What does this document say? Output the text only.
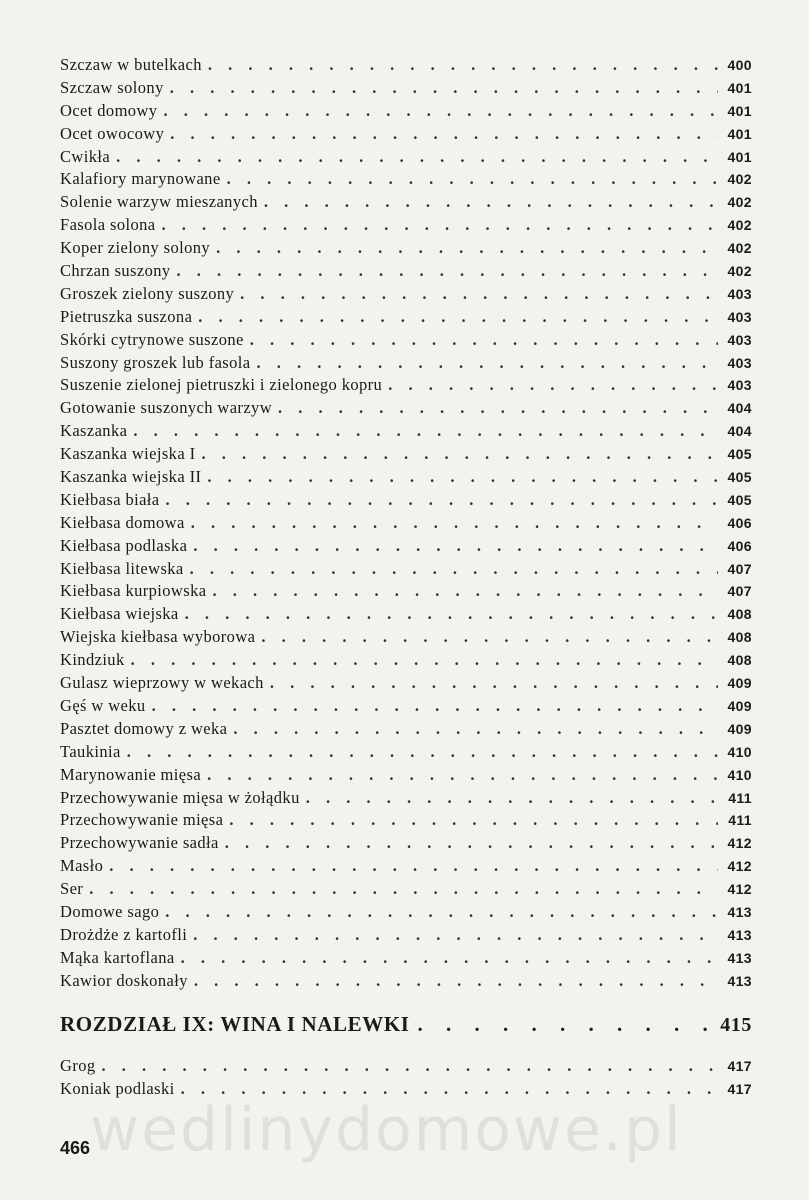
Szczaw w butelkach . . .	400
Szczaw solony . . .	401
Ocet domowy . . .	401
Ocet owocowy . . .	401
Cwikła . . .	401
Kalafiory marynowane . . .	402
Solenie warzyw mieszanych . . .	402
Fasola solona . . .	402
Koper zielony solony . . .	402
Chrzan suszony . . .	402
Groszek zielony suszony . . .	403
Pietruszka suszona . . .	403
Skórki cytrynowe suszone . . .	403
Suszony groszek lub fasola . . .	403
Suszenie zielonej pietruszki i zielonego kopru . . .	403
Gotowanie suszonych warzyw . . .	404
Kaszanka . . .	404
Kaszanka wiejska I . . .	405
Kaszanka wiejska II . . .	405
Kiełbasa biała . . .	405
Kiełbasa domowa . . .	406
Kiełbasa podlaska . . .	406
Kiełbasa litewska . . .	407
Kiełbasa kurpiowska . . .	407
Kiełbasa wiejska . . .	408
Wiejska kiełbasa wyborowa . . .	408
Kindziuk . . .	408
Gulasz wieprzowy w wekach . . .	409
Gęś w weku . . .	409
Pasztet domowy z weka . . .	409
Taukinia . . .	410
Marynowanie mięsa . . .	410
Przechowywanie mięsa w żołądku . . .	411
Przechowywanie mięsa . . .	411
Przechowywanie sadła . . .	412
Masło . . .	412
Ser . . .	412
Domowe sago . . .	413
Drożdże z kartofli . . .	413
Mąka kartoflana . . .	413
Kawior doskonały . . .	413
ROZDZIAŁ IX: WINA I NALEWKI . . .	415
Grog . . .	417
Koniak podlaski . . .	417
wedlinydomowe.pl
466
